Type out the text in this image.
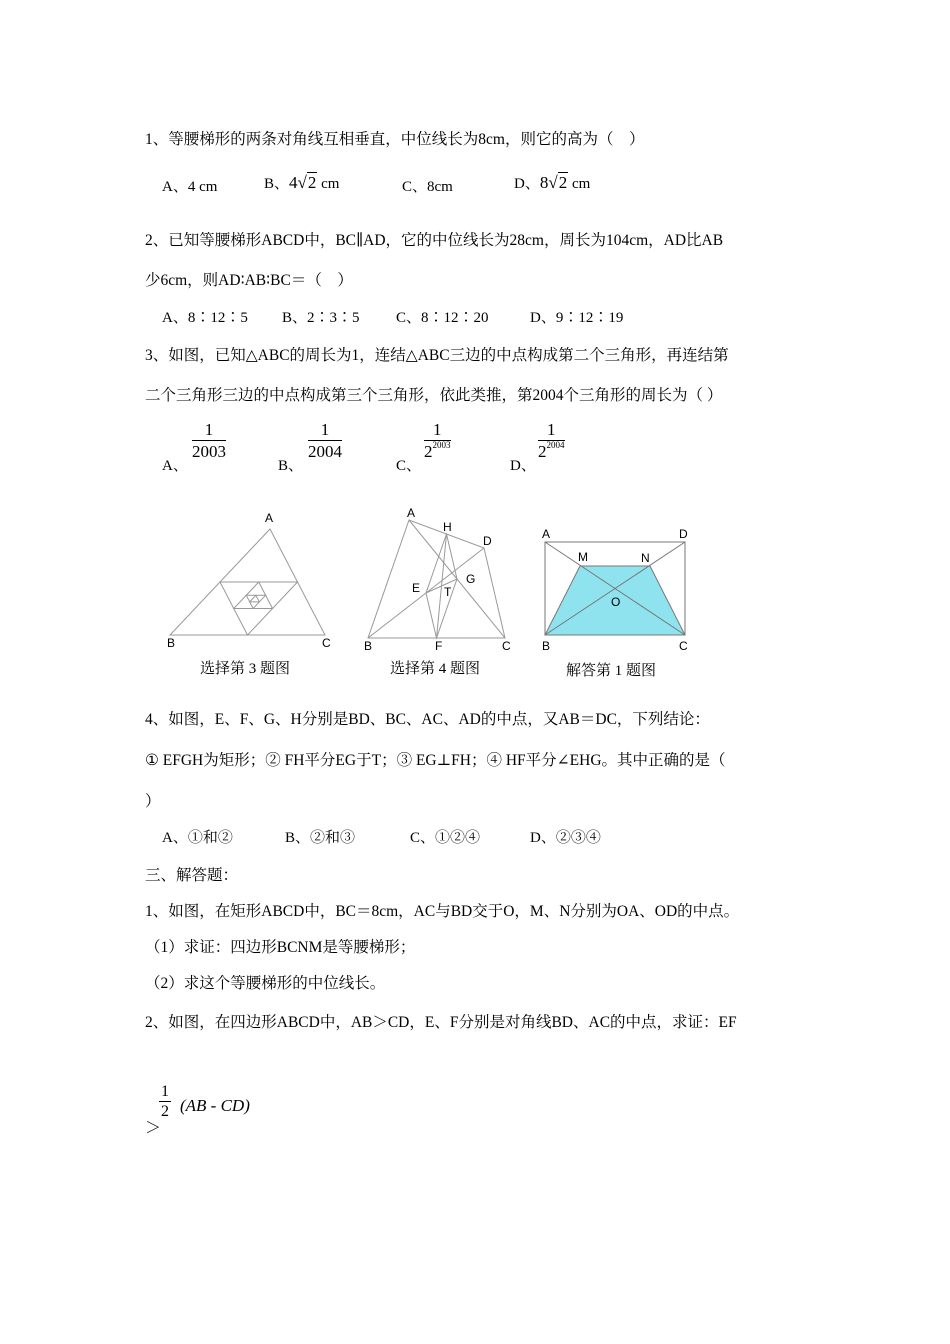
1、等腰梯形的两条对角线互相垂直，中位线长为8cm，则它的高为（　）
A、4 cm	B、4√2 cm	C、8cm	D、8√2 cm
2、已知等腰梯形ABCD中，BC∥AD，它的中位线长为28cm，周长为104cm，AD比AB
少6cm，则AD∶AB∶BC＝（　）
A、8∶12∶5 B、2∶3∶5 C、8∶12∶20	D、9∶12∶19
3、如图，已知△ABC的周长为1，连结△ABC三边的中点构成第二个三角形，再连结第
二个三角形三边的中点构成第三个三角形，依此类推，第2004个三角形的周长为（ ）
A、
1
2003
B、
1
2004
C、
1
$2^{2003}$
D、
1
$2^{2004}$
A
B	C
选择第 3 题图
A
H
D
E
G
T
B	F	C
选择第 4 题图
A	D
M	N
O
B	C
解答第 1 题图
4、如图，E、F、G、H分别是BD、BC、AC、AD的中点，又AB＝DC，下列结论：
① EFGH为矩形；② FH平分EG于T；③ EG⊥FH；④ HF平分∠EHG。其中正确的是（
）
A、①和②	B、②和③	C、①②④	D、②③④
三、解答题：
1、如图，在矩形ABCD中，BC＝8cm，AC与BD交于O，M、N分别为OA、OD的中点。
（1）求证：四边形BCNM是等腰梯形；
（2）求这个等腰梯形的中位线长。
2、如图，在四边形ABCD中，AB＞CD，E、F分别是对角线BD、AC的中点，求证：EF
＞
1
2 (AB - CD)
